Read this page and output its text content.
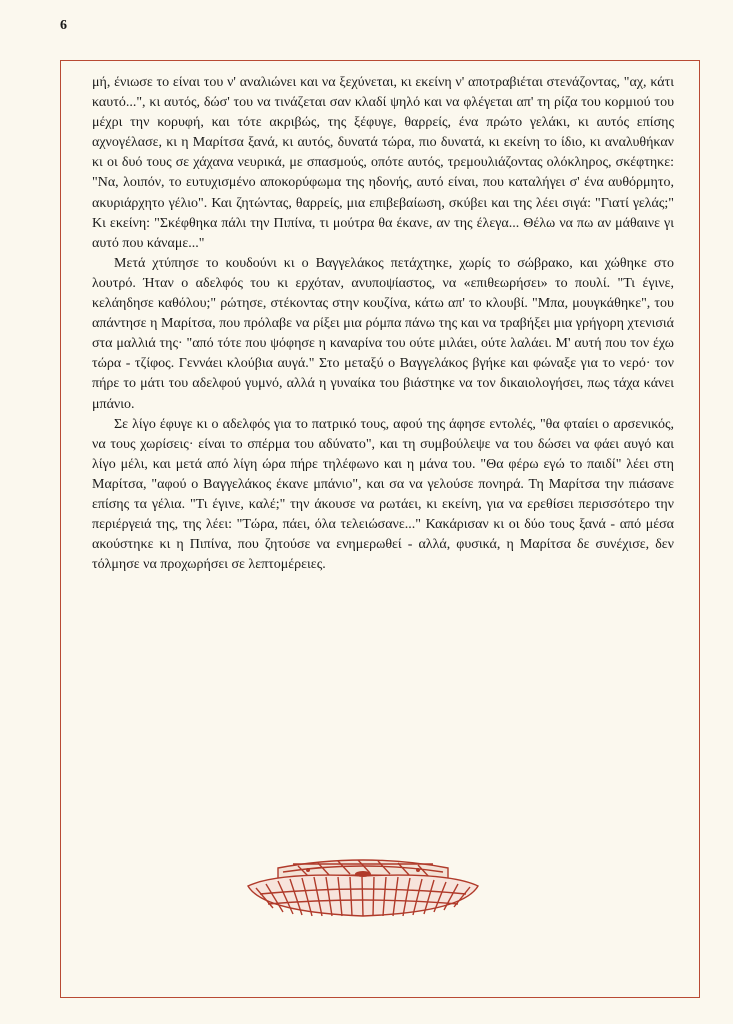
6

μή, ένιωσε το είναι του ν' αναλιώνει και να ξεχύνεται, κι εκείνη ν' αποτραβιέται στενάζοντας, "αχ, κάτι καυτό...", κι αυτός, δώσ' του να τινάζεται σαν κλαδί ψηλό και να φλέγεται απ' τη ρίζα του κορμιού του μέχρι την κορυφή, και τότε ακριβώς, της ξέφυγε, θαρρείς, ένα πρώτο γελάκι, κι αυτός επίσης αχνογέλασε, κι η Μαρίτσα ξανά, κι αυτός, δυνατά τώρα, πιο δυνατά, κι εκείνη το ίδιο, κι αναλυθήκαν κι οι δυό τους σε χάχανα νευρικά, με σπασμούς, οπότε αυτός, τρεμουλιάζοντας ολόκληρος, σκέφτηκε: "Να, λοιπόν, το ευτυχισμένο αποκορύφωμα της ηδονής, αυτό είναι, που καταλήγει σ' ένα αυθόρμητο, ακυριάρχητο γέλιο". Και ζητώντας, θαρρείς, μια επιβεβαίωση, σκύβει και της λέει σιγά: "Γιατί γελάς;" Κι εκείνη: "Σκέφθηκα πάλι την Πιπίνα, τι μούτρα θα έκανε, αν της έλεγα... Θέλω να πω αν μάθαινε γι αυτό που κάναμε..."

Μετά χτύπησε το κουδούνι κι ο Βαγγελάκος πετάχτηκε, χωρίς το σώβρακο, και χώθηκε στο λουτρό. Ήταν ο αδελφός του κι ερχόταν, ανυποψίαστος, να «επιθεωρήσει» το πουλί. "Τι έγινε, κελάηδησε καθόλου;" ρώτησε, στέκοντας στην κουζίνα, κάτω απ' το κλουβί. "Μπα, μουγκάθηκε", του απάντησε η Μαρίτσα, που πρόλαβε να ρίξει μια ρόμπα πάνω της και να τραβήξει μια γρήγορη χτενισιά στα μαλλιά της· "από τότε που ψόφησε η καναρίνα του ούτε μιλάει, ούτε λαλάει. Μ' αυτή που τον έχω τώρα - τζίφος. Γεννάει κλούβια αυγά." Στο μεταξύ ο Βαγγελάκος βγήκε και φώναξε για το νερό· τον πήρε το μάτι του αδελφού γυμνό, αλλά η γυναίκα του βιάστηκε να τον δικαιολογήσει, πως τάχα κάνει μπάνιο.

Σε λίγο έφυγε κι ο αδελφός για το πατρικό τους, αφού της άφησε εντολές, "θα φταίει ο αρσενικός, να τους χωρίσεις· είναι το σπέρμα του αδύνατο", και τη συμβούλεψε να του δώσει να φάει αυγό και λίγο μέλι, και μετά από λίγη ώρα πήρε τηλέφωνο και η μάνα του. "Θα φέρω εγώ το παιδί" λέει στη Μαρίτσα, "αφού ο Βαγγελάκος έκανε μπάνιο", και σα να γελούσε πονηρά. Τη Μαρίτσα την πιάσανε επίσης τα γέλια. "Τι έγινε, καλέ;" την άκουσε να ρωτάει, κι εκείνη, για να ερεθίσει περισσότερο την περιέργειά της, της λέει: "Τώρα, πάει, όλα τελειώσανε..." Κακάρισαν κι οι δύο τους ξανά - από μέσα ακούστηκε κι η Πιπίνα, που ζητούσε να ενημερωθεί - αλλά, φυσικά, η Μαρίτσα δε συνέχισε, δεν τόλμησε να προχωρήσει σε λεπτομέρειες.
